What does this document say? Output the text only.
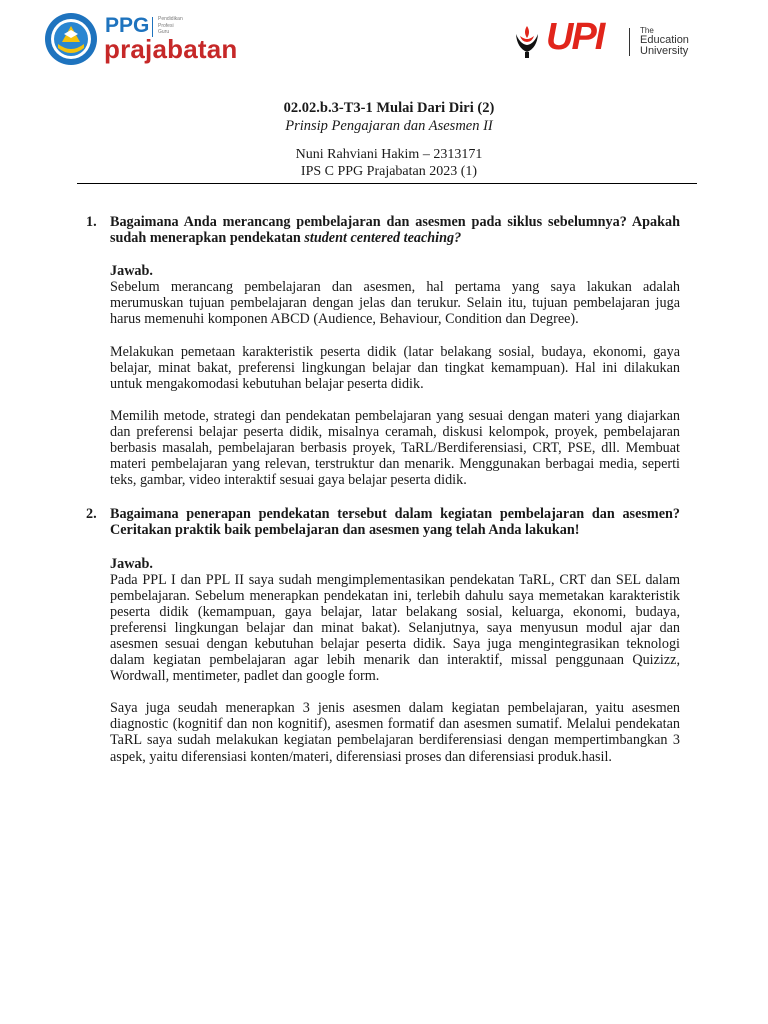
PPG Pendidikan
Profesi
Guru
prajabatan	UPI	The
Education
University
02.02.b.3-T3-1 Mulai Dari Diri (2)
Prinsip Pengajaran dan Asesmen II
Nuni Rahviani Hakim – 2313171
IPS C PPG Prajabatan 2023 (1)
1. Bagaimana Anda merancang pembelajaran dan asesmen pada siklus sebelumnya? Apakah sudah menerapkan pendekatan student centered teaching?
Jawab.
Sebelum merancang pembelajaran dan asesmen, hal pertama yang saya lakukan adalah merumuskan tujuan pembelajaran dengan jelas dan terukur. Selain itu, tujuan pembelajaran juga harus memenuhi komponen ABCD (Audience, Behaviour, Condition dan Degree).
Melakukan pemetaan karakteristik peserta didik (latar belakang sosial, budaya, ekonomi, gaya belajar, minat bakat, preferensi lingkungan belajar dan tingkat kemampuan). Hal ini dilakukan untuk mengakomodasi kebutuhan belajar peserta didik.
Memilih metode, strategi dan pendekatan pembelajaran yang sesuai dengan materi yang diajarkan dan preferensi belajar peserta didik, misalnya ceramah, diskusi kelompok, proyek, pembelajaran berbasis masalah, pembelajaran berbasis proyek, TaRL/Berdiferensiasi, CRT, PSE, dll. Membuat materi pembelajaran yang relevan, terstruktur dan menarik. Menggunakan berbagai media, seperti teks, gambar, video interaktif sesuai gaya belajar peserta didik.
2. Bagaimana penerapan pendekatan tersebut dalam kegiatan pembelajaran dan asesmen? Ceritakan praktik baik pembelajaran dan asesmen yang telah Anda lakukan!
Jawab.
Pada PPL I dan PPL II saya sudah mengimplementasikan pendekatan TaRL, CRT dan SEL dalam pembelajaran. Sebelum menerapkan pendekatan ini, terlebih dahulu saya memetakan karakteristik peserta didik (kemampuan, gaya belajar, latar belakang sosial, keluarga, ekonomi, budaya, preferensi lingkungan belajar dan minat bakat). Selanjutnya, saya menyusun modul ajar dan asesmen sesuai dengan kebutuhan belajar peserta didik. Saya juga mengintegrasikan teknologi dalam kegiatan pembelajaran agar lebih menarik dan interaktif, missal penggunaan Quizizz, Wordwall, mentimeter, padlet dan google form.
Saya juga seudah menerapkan 3 jenis asesmen dalam kegiatan pembelajaran, yaitu asesmen diagnostic (kognitif dan non kognitif), asesmen formatif dan asesmen sumatif. Melalui pendekatan TaRL saya sudah melakukan kegiatan pembelajaran berdiferensiasi dengan mempertimbangkan 3 aspek, yaitu diferensiasi konten/materi, diferensiasi proses dan diferensiasi produk.hasil.
